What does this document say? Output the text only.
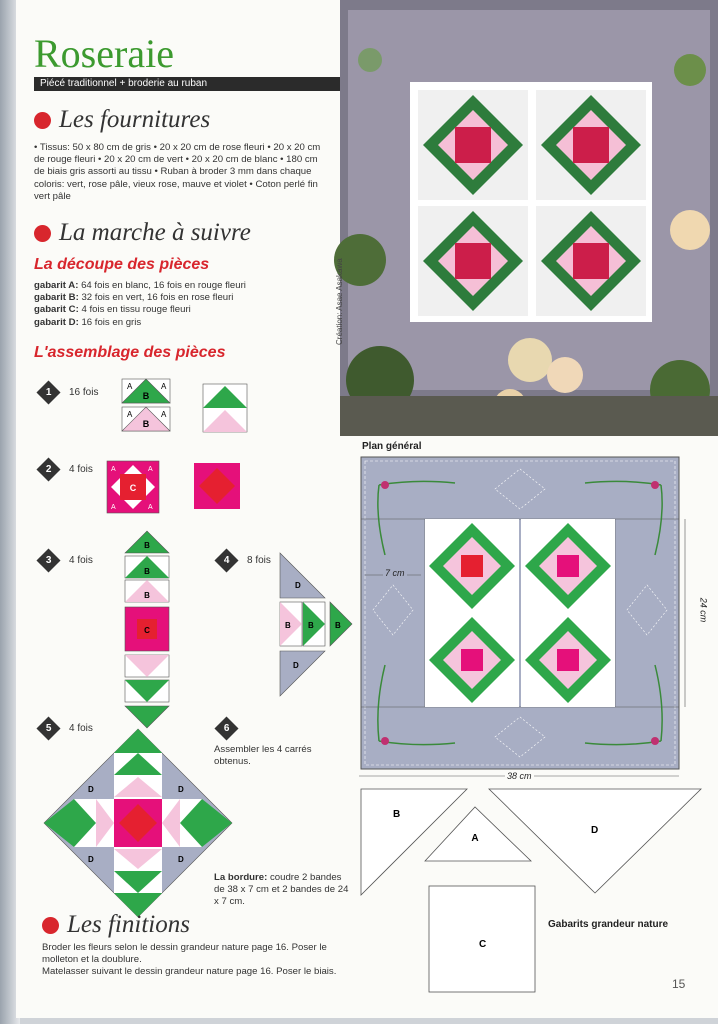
Roseraie
Piécé traditionnel + broderie au ruban
Les fournitures
• Tissus: 50 x 80 cm de gris • 20 x 20 cm de rose fleuri • 20 x 20 cm de rouge fleuri • 20 x 20 cm de vert • 20 x 20 cm de blanc • 180 cm de biais gris assorti au tissu • Ruban à broder 3 mm dans chaque coloris: vert, rose pâle, vieux rose, mauve et violet • Coton perlé fin vert pâle
La marche à suivre
La découpe des pièces
gabarit A: 64 fois en blanc, 16 fois en rouge fleuri
gabarit B: 32 fois en vert, 16 fois en rose fleuri
gabarit C: 4 fois en tissu rouge fleuri
gabarit D: 16 fois en gris
L'assemblage des pièces
1 16 fois
2 4 fois
3 4 fois	4 8 fois
5 4 fois	6
Assembler les 4 carrés obtenus.
B
A	A
B
A	A
C
A	A
A	A
B
B
B
C
D
B B	B
D
D	D
D	D
La bordure: coudre 2 bandes de 38 x 7 cm et 2 bandes de 24 x 7 cm.
Les finitions
Broder les fleurs selon le dessin grandeur nature page 16. Poser le molleton et la doublure.
Matelasser suivant le dessin grandeur nature page 16. Poser le biais.
Création: Asae Asakawa
Plan général
7 cm
24 cm
38 cm
B
A
D
C
Gabarits grandeur nature
15
